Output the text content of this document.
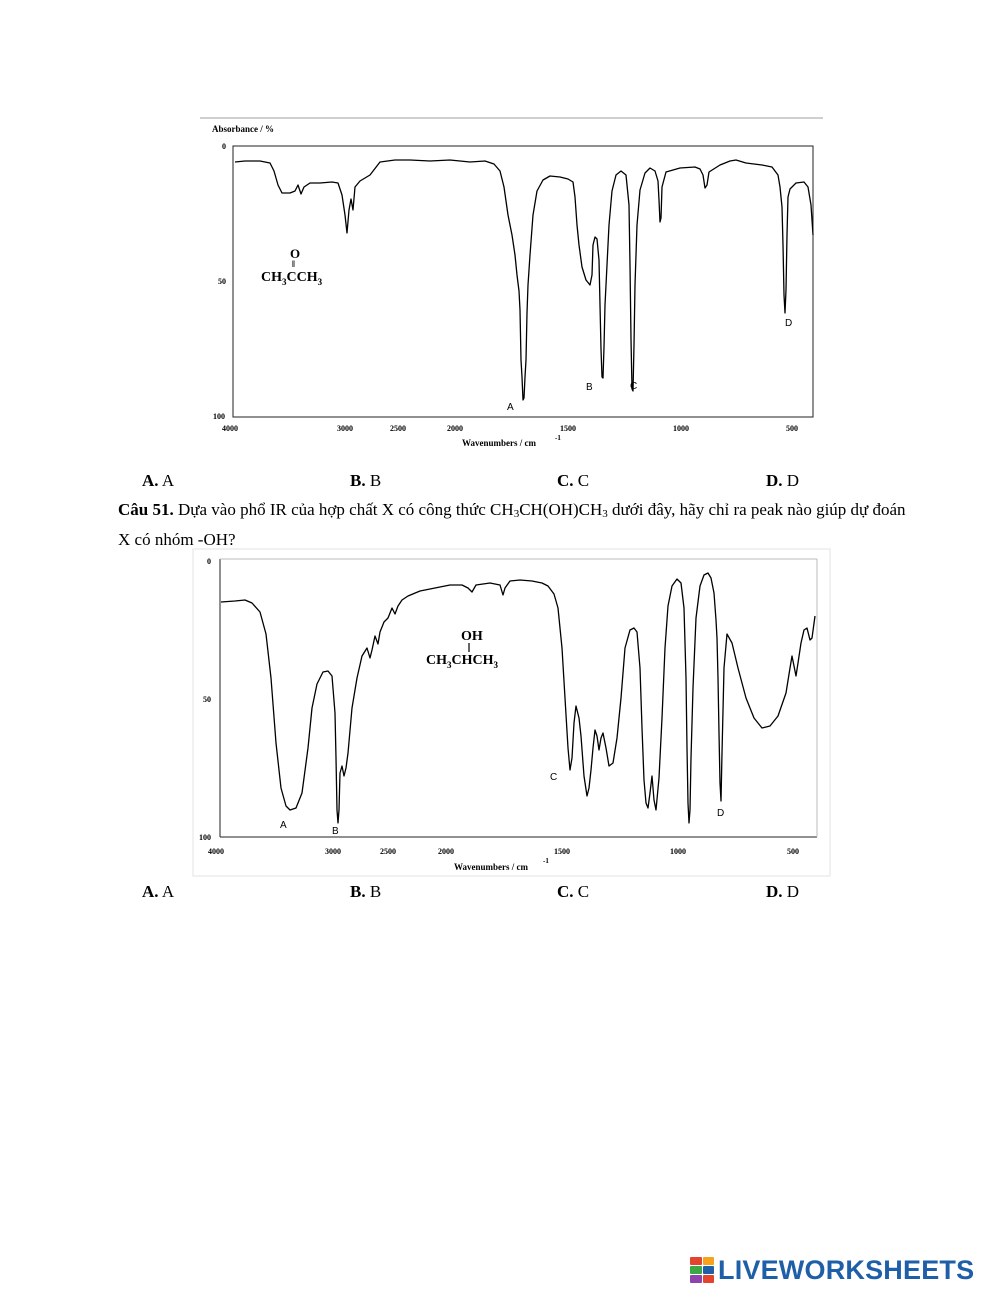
Absorbance / %
0
50
100
4000	3000	2500	2000	1500	1000	500
Wavenumbers / cm	-1
O
ǁ
$CH_3CCH_3$
A
B	C
D
A. A	B. B	C. C	D. D
Câu 51. Dựa vào phổ IR của hợp chất X có công thức $CH_3CH(OH)CH_3$ dưới đây, hãy chỉ ra peak nào giúp dự đoán X có nhóm -OH?
0
50
100
4000	3000	2500	2000	1500	1000	500
Wavenumbers / cm
-1
OH
$CH_3CHCH_3$
A
B
C
D
A. A	B. B	C. C	D. D
LIVEWORKSHEETS
